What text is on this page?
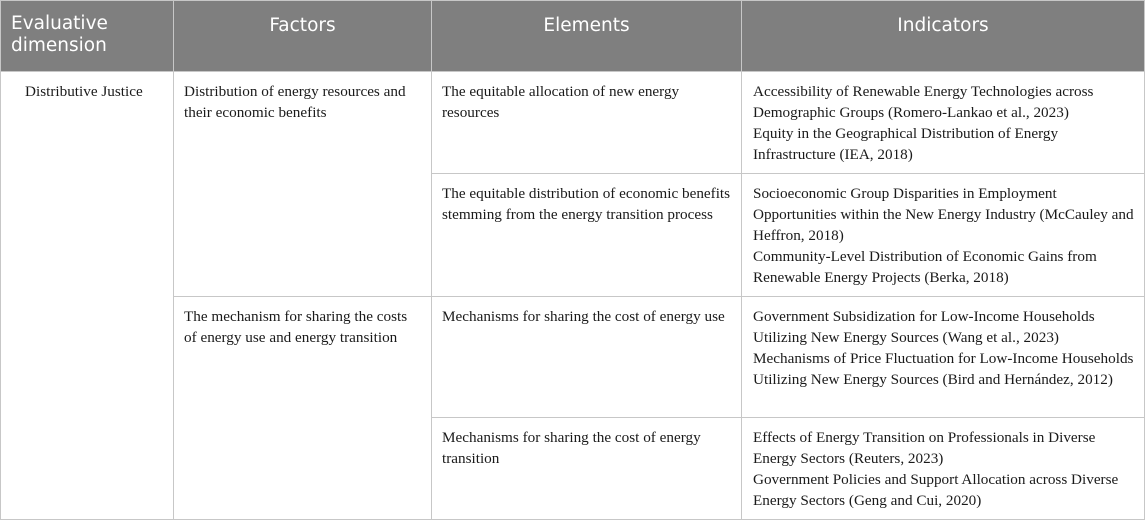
Evaluative dimension	Factors	Elements	Indicators

Distributive Justice	Distribution of energy resources and their economic benefits	The equitable allocation of new energy resources	Accessibility of Renewable Energy Technologies across Demographic Groups (Romero-Lankao et al., 2023)
Equity in the Geographical Distribution of Energy Infrastructure (IEA, 2018)

		The equitable distribution of economic benefits stemming from the energy transition process	Socioeconomic Group Disparities in Employment Opportunities within the New Energy Industry (McCauley and Heffron, 2018)
Community-Level Distribution of Economic Gains from Renewable Energy Projects (Berka, 2018)

	The mechanism for sharing the costs of energy use and energy transition	Mechanisms for sharing the cost of energy use	Government Subsidization for Low-Income Households Utilizing New Energy Sources (Wang et al., 2023)
Mechanisms of Price Fluctuation for Low-Income Households Utilizing New Energy Sources (Bird and Hernández, 2012)

		Mechanisms for sharing the cost of energy transition	Effects of Energy Transition on Professionals in Diverse Energy Sectors (Reuters, 2023)
Government Policies and Support Allocation across Diverse Energy Sectors (Geng and Cui, 2020)
